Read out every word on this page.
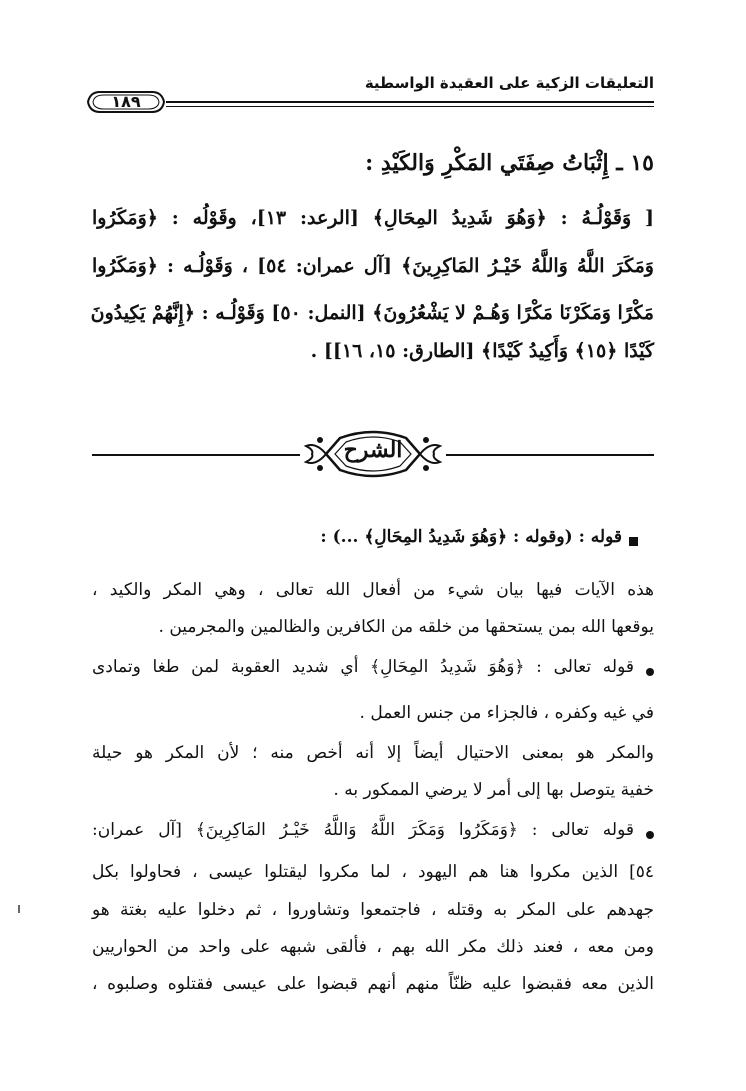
التعليقات الزكية على العقيدة الواسطية
١٨٩
١٥ ـ إِثْبَاتُ صِفَتَي المَكْرِ وَالكَيْدِ :
[ وَقَوْلُـهُ : ﴿وَهُوَ شَدِيدُ المِحَالِ﴾ [الرعد: ١٣]، وقَوْلُه : ﴿وَمَكَرُوا
وَمَكَرَ اللَّهُ وَاللَّهُ خَيْـرُ المَاكِرِينَ﴾ [آل عمران: ٥٤] ، وَقَوْلُـه : ﴿وَمَكَرُوا
مَكْرًا وَمَكَرْنَا مَكْرًا وَهُـمْ لا يَشْعُرُونَ﴾ [النمل: ٥٠] وَقَوْلُـه : ﴿إِنَّهُمْ يَكِيدُونَ
كَيْدًا ﴿١٥﴾ وَأَكِيدُ كَيْدًا﴾ [الطارق: ١٥، ١٦]] .
الشرح
قوله : (وقوله : ﴿وَهُوَ شَدِيدُ المِحَالِ﴾ ...) :
هذه الآيات فيها بيان شيء من أفعال الله تعالى ، وهي المكر والكيد ،
يوقعها الله بمن يستحقها من خلقه من الكافرين والظالمين والمجرمين .
قوله تعالى : ﴿وَهُوَ شَدِيدُ المِحَالِ﴾ أي شديد العقوبة لمن طغا وتمادى
في غيه وكفره ، فالجزاء من جنس العمل .
والمكر هو بمعنى الاحتيال أيضاً إلا أنه أخص منه ؛ لأن المكر هو حيلة
خفية يتوصل بها إلى أمر لا يرضي الممكور به .
قوله تعالى : ﴿وَمَكَرُوا وَمَكَرَ اللَّهُ وَاللَّهُ خَيْـرُ المَاكِرِينَ﴾ [آل عمران:
٥٤] الذين مكروا هنا هم اليهود ، لما مكروا ليقتلوا عيسى ، فحاولوا بكل
جهدهم على المكر به وقتله ، فاجتمعوا وتشاوروا ، ثم دخلوا عليه بغتة هو
ومن معه ، فعند ذلك مكر الله بهم ، فألقى شبهه على واحد من الحواريين
الذين معه فقبضوا عليه ظنّاً منهم أنهم قبضوا على عيسى فقتلوه وصلبوه ،
